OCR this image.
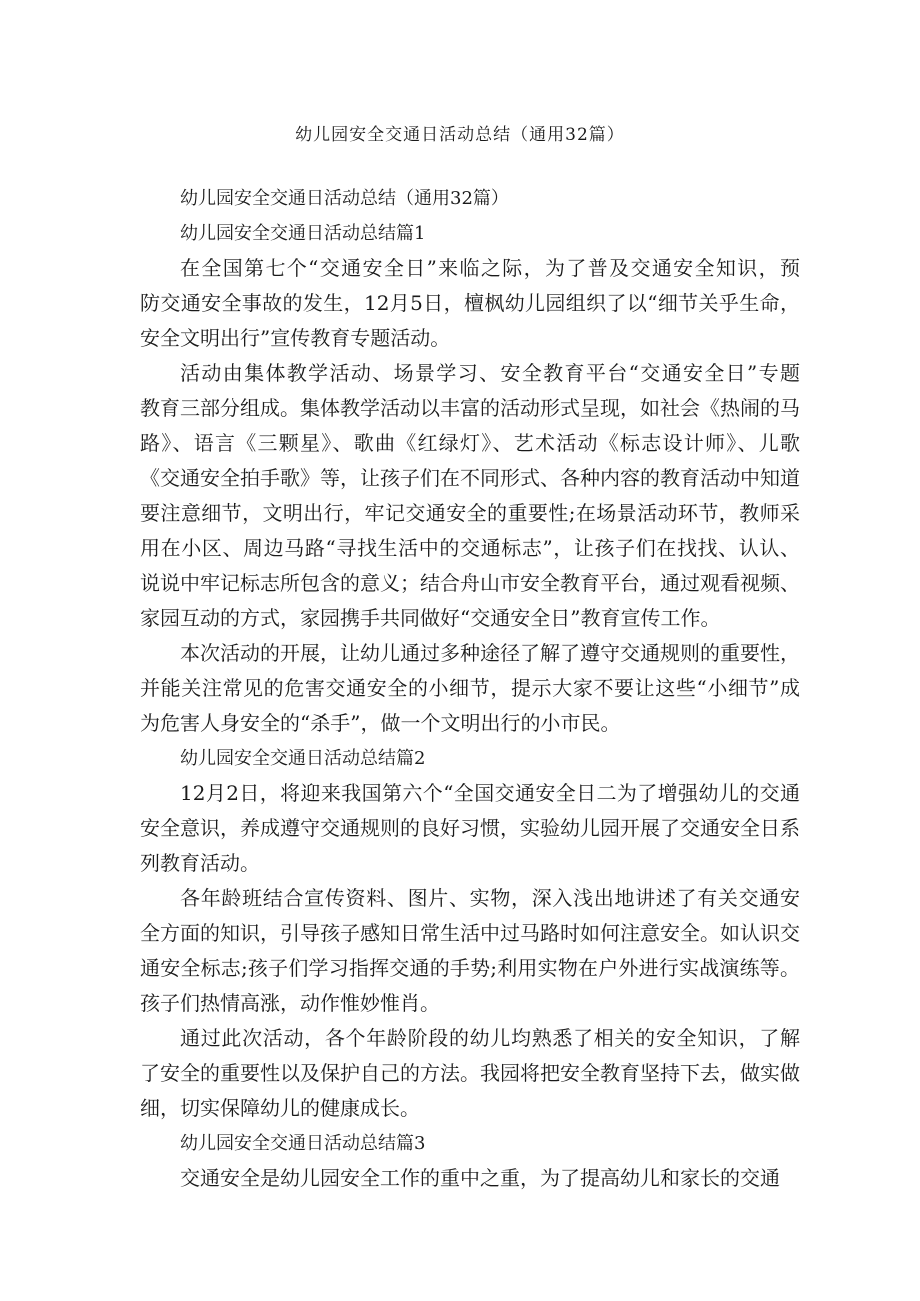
幼儿园安全交通日活动总结（通用32篇）
幼儿园安全交通日活动总结（通用32篇）
幼儿园安全交通日活动总结篇1
在全国第七个“交通安全日”来临之际，为了普及交通安全知识，预
防交通安全事故的发生，12月5日，檀枫幼儿园组织了以“细节关乎生命，
安全文明出行”宣传教育专题活动。
活动由集体教学活动、场景学习、安全教育平台“交通安全日”专题
教育三部分组成。集体教学活动以丰富的活动形式呈现，如社会《热闹的马
路》、语言《三颗星》、歌曲《红绿灯》、艺术活动《标志设计师》、儿歌
《交通安全拍手歌》等，让孩子们在不同形式、各种内容的教育活动中知道
要注意细节，文明出行，牢记交通安全的重要性;在场景活动环节，教师采
用在小区、周边马路“寻找生活中的交通标志”，让孩子们在找找、认认、
说说中牢记标志所包含的意义；结合舟山市安全教育平台，通过观看视频、
家园互动的方式，家园携手共同做好“交通安全日”教育宣传工作。
本次活动的开展，让幼儿通过多种途径了解了遵守交通规则的重要性，
并能关注常见的危害交通安全的小细节，提示大家不要让这些“小细节”成
为危害人身安全的“杀手”，做一个文明出行的小市民。
幼儿园安全交通日活动总结篇2
12月2日，将迎来我国第六个“全国交通安全日二为了增强幼儿的交通
安全意识，养成遵守交通规则的良好习惯，实验幼儿园开展了交通安全日系
列教育活动。
各年龄班结合宣传资料、图片、实物，深入浅出地讲述了有关交通安
全方面的知识，引导孩子感知日常生活中过马路时如何注意安全。如认识交
通安全标志;孩子们学习指挥交通的手势;利用实物在户外进行实战演练等。
孩子们热情高涨，动作惟妙惟肖。
通过此次活动，各个年龄阶段的幼儿均熟悉了相关的安全知识，了解
了安全的重要性以及保护自己的方法。我园将把安全教育坚持下去，做实做
细，切实保障幼儿的健康成长。
幼儿园安全交通日活动总结篇3
交通安全是幼儿园安全工作的重中之重，为了提高幼儿和家长的交通
